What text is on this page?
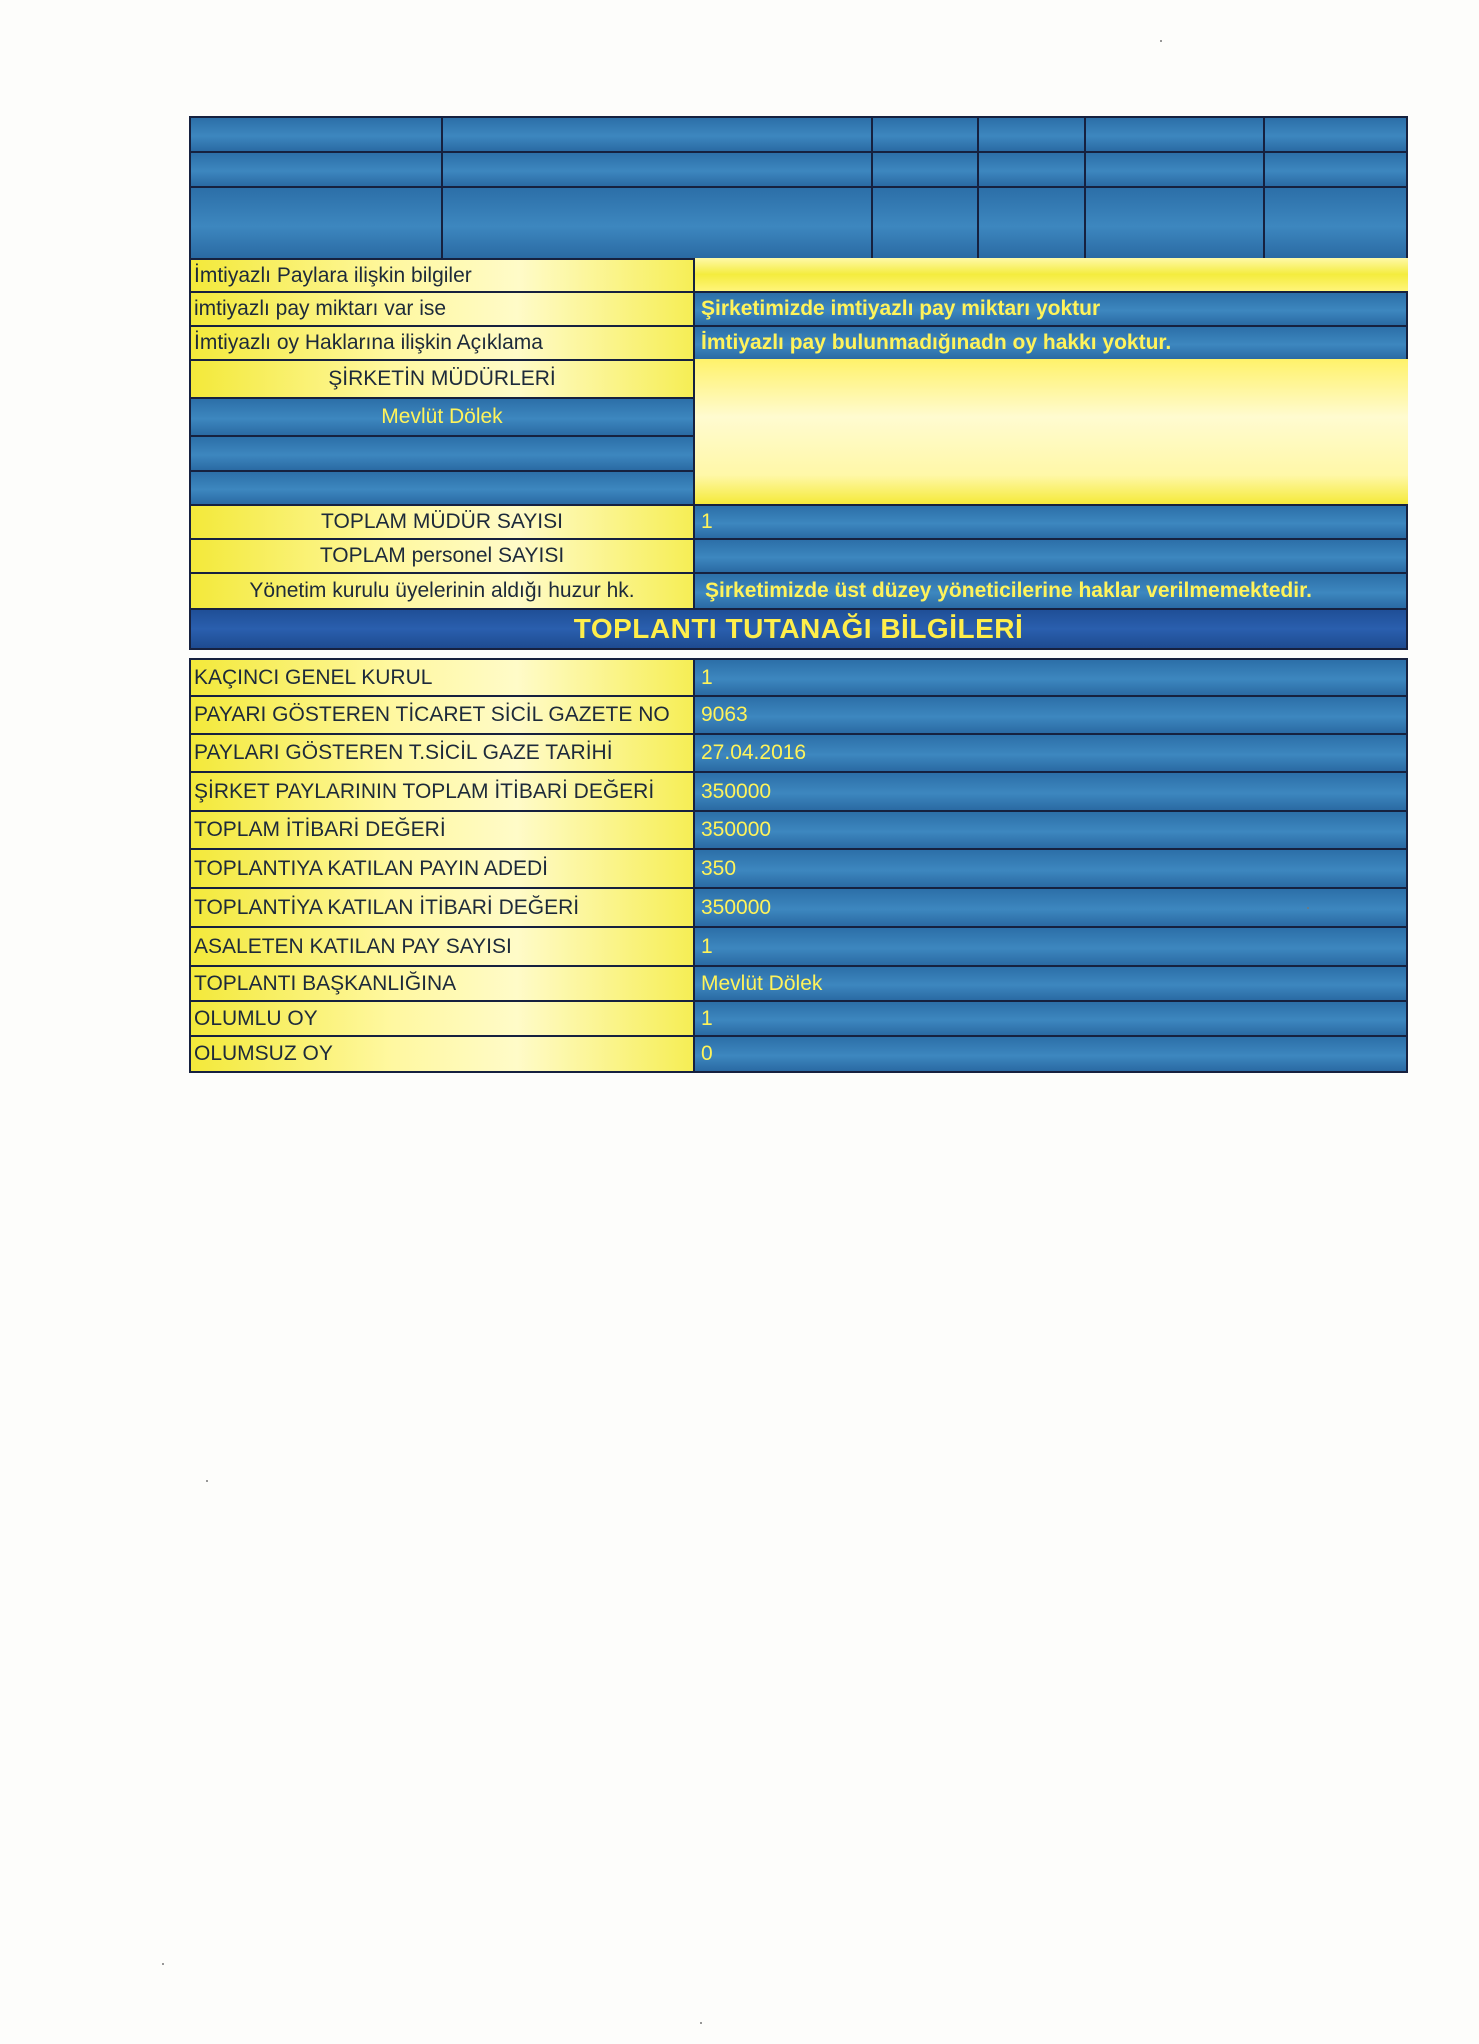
İmtiyazlı Paylara ilişkin bilgiler
imtiyazlı pay miktarı var ise	Şirketimizde imtiyazlı pay miktarı yoktur
İmtiyazlı oy Haklarına ilişkin Açıklama	İmtiyazlı pay bulunmadığınadn oy hakkı yoktur.
ŞİRKETİN MÜDÜRLERİ
Mevlüt Dölek
TOPLAM MÜDÜR SAYISI	1
TOPLAM personel SAYISI
Yönetim kurulu üyelerinin aldığı huzur hk.	Şirketimizde üst düzey yöneticilerine haklar verilmemektedir.
TOPLANTI TUTANAĞI BİLGİLERİ
KAÇINCI GENEL KURUL	1
PAYARI GÖSTEREN TİCARET SİCİL GAZETE NO	9063
PAYLARI GÖSTEREN T.SİCİL GAZE TARİHİ	27.04.2016
ŞİRKET PAYLARININ TOPLAM İTİBARİ DEĞERİ	350000
TOPLAM İTİBARİ DEĞERİ	350000
TOPLANTIYA KATILAN PAYIN ADEDİ	350
TOPLANTİYA KATILAN İTİBARİ DEĞERİ	350000
ASALETEN KATILAN PAY SAYISI	1
TOPLANTI BAŞKANLIĞINA	Mevlüt Dölek
OLUMLU OY	1
OLUMSUZ OY	0
